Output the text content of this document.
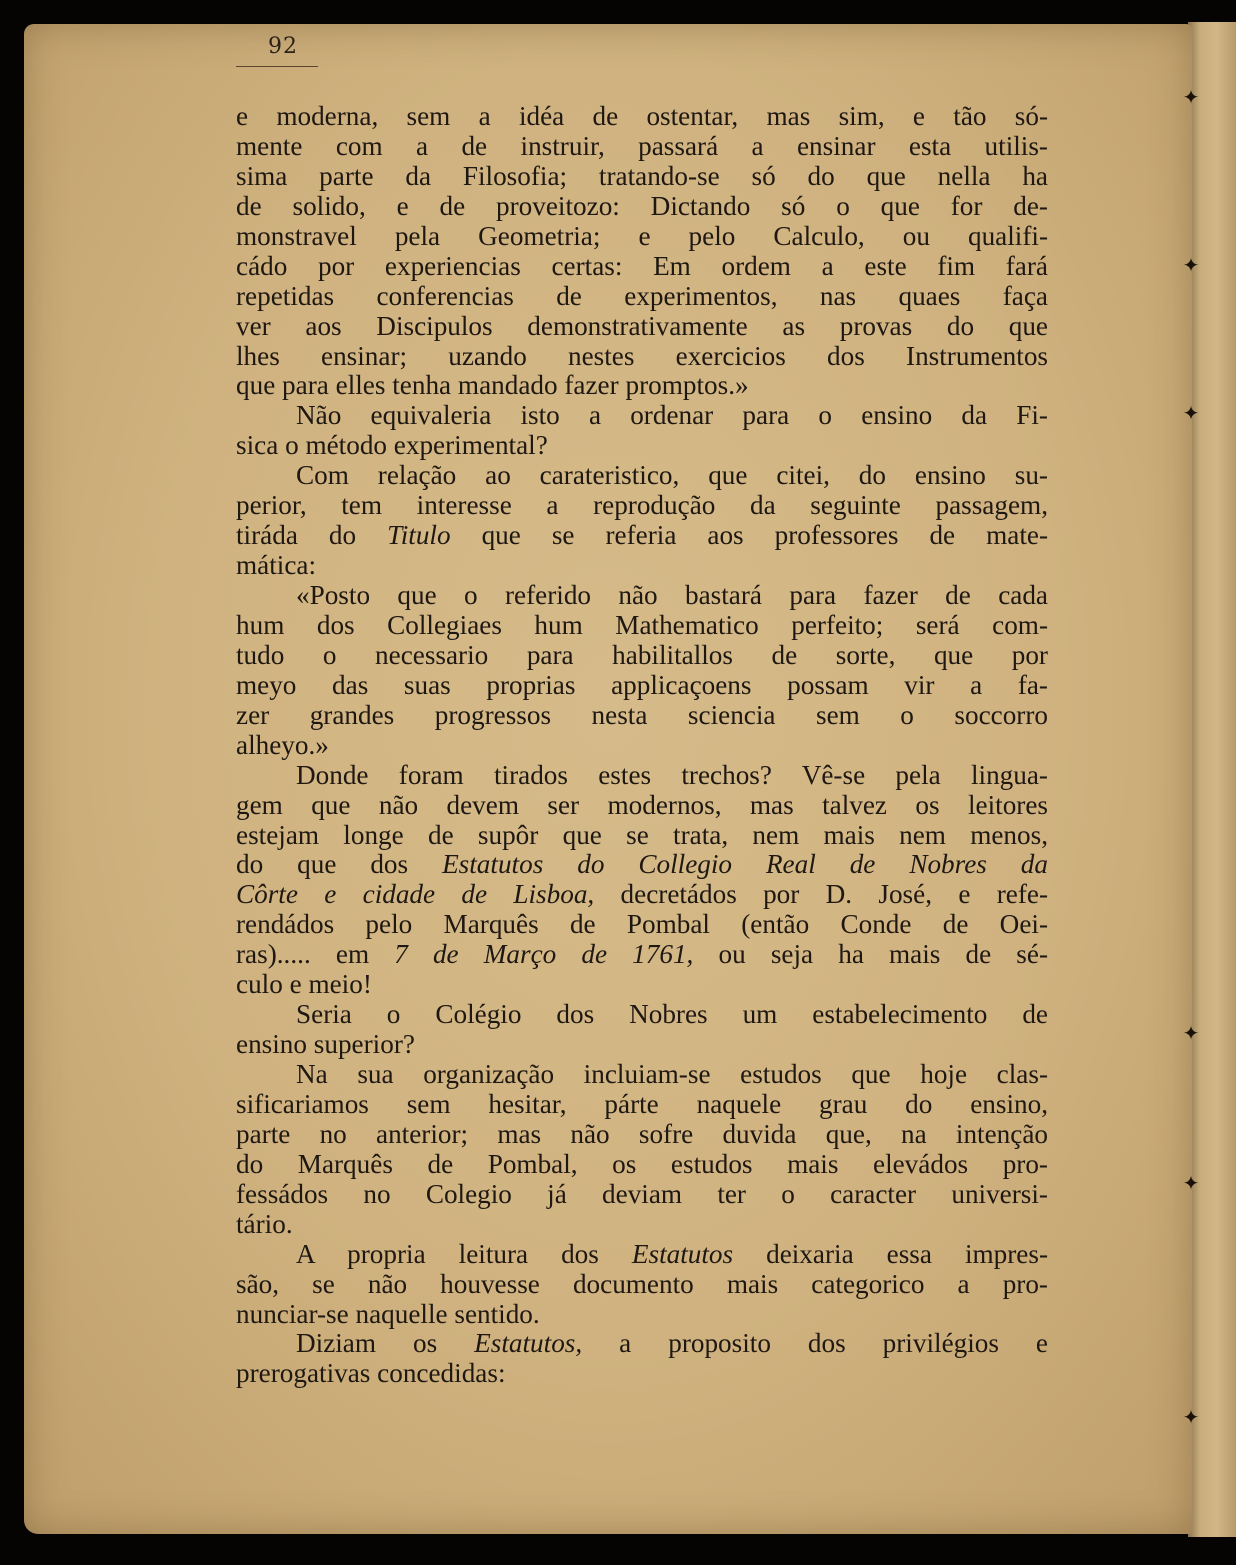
✦
✦
✦
✦
✦
✦
92
e moderna, sem a idéa de ostentar, mas sim, e tão só-
mente com a de instruir, passará a ensinar esta utilis-
sima parte da Filosofia; tratando-se só do que nella ha
de solido, e de proveitozo: Dictando só o que for de-
monstravel pela Geometria; e pelo Calculo, ou qualifi-
cádo por experiencias certas: Em ordem a este fim fará
repetidas conferencias de experimentos, nas quaes faça
ver aos Discipulos demonstrativamente as provas do que
lhes ensinar; uzando nestes exercicios dos Instrumentos
que para elles tenha mandado fazer promptos.»
Não equivaleria isto a ordenar para o ensino da Fi-
sica o método experimental?
Com relação ao carateristico, que citei, do ensino su-
perior, tem interesse a reprodução da seguinte passagem,
tiráda do Titulo que se referia aos professores de mate-
mática:
«Posto que o referido não bastará para fazer de cada
hum dos Collegiaes hum Mathematico perfeito; será com-
tudo o necessario para habilitallos de sorte, que por
meyo das suas proprias applicaçoens possam vir a fa-
zer grandes progressos nesta sciencia sem o soccorro
alheyo.»
Donde foram tirados estes trechos? Vê-se pela lingua-
gem que não devem ser modernos, mas talvez os leitores
estejam longe de supôr que se trata, nem mais nem menos,
do que dos Estatutos do Collegio Real de Nobres da
Côrte e cidade de Lisboa, decretádos por D. José, e refe-
rendádos pelo Marquês de Pombal (então Conde de Oei-
ras)..... em 7 de Março de 1761, ou seja ha mais de sé-
culo e meio!
Seria o Colégio dos Nobres um estabelecimento de
ensino superior?
Na sua organização incluiam-se estudos que hoje clas-
sificariamos sem hesitar, párte naquele grau do ensino,
parte no anterior; mas não sofre duvida que, na intenção
do Marquês de Pombal, os estudos mais elevádos pro-
fessádos no Colegio já deviam ter o caracter universi-
tário.
A propria leitura dos Estatutos deixaria essa impres-
são, se não houvesse documento mais categorico a pro-
nunciar-se naquelle sentido.
Diziam os Estatutos, a proposito dos privilégios e
prerogativas concedidas:
